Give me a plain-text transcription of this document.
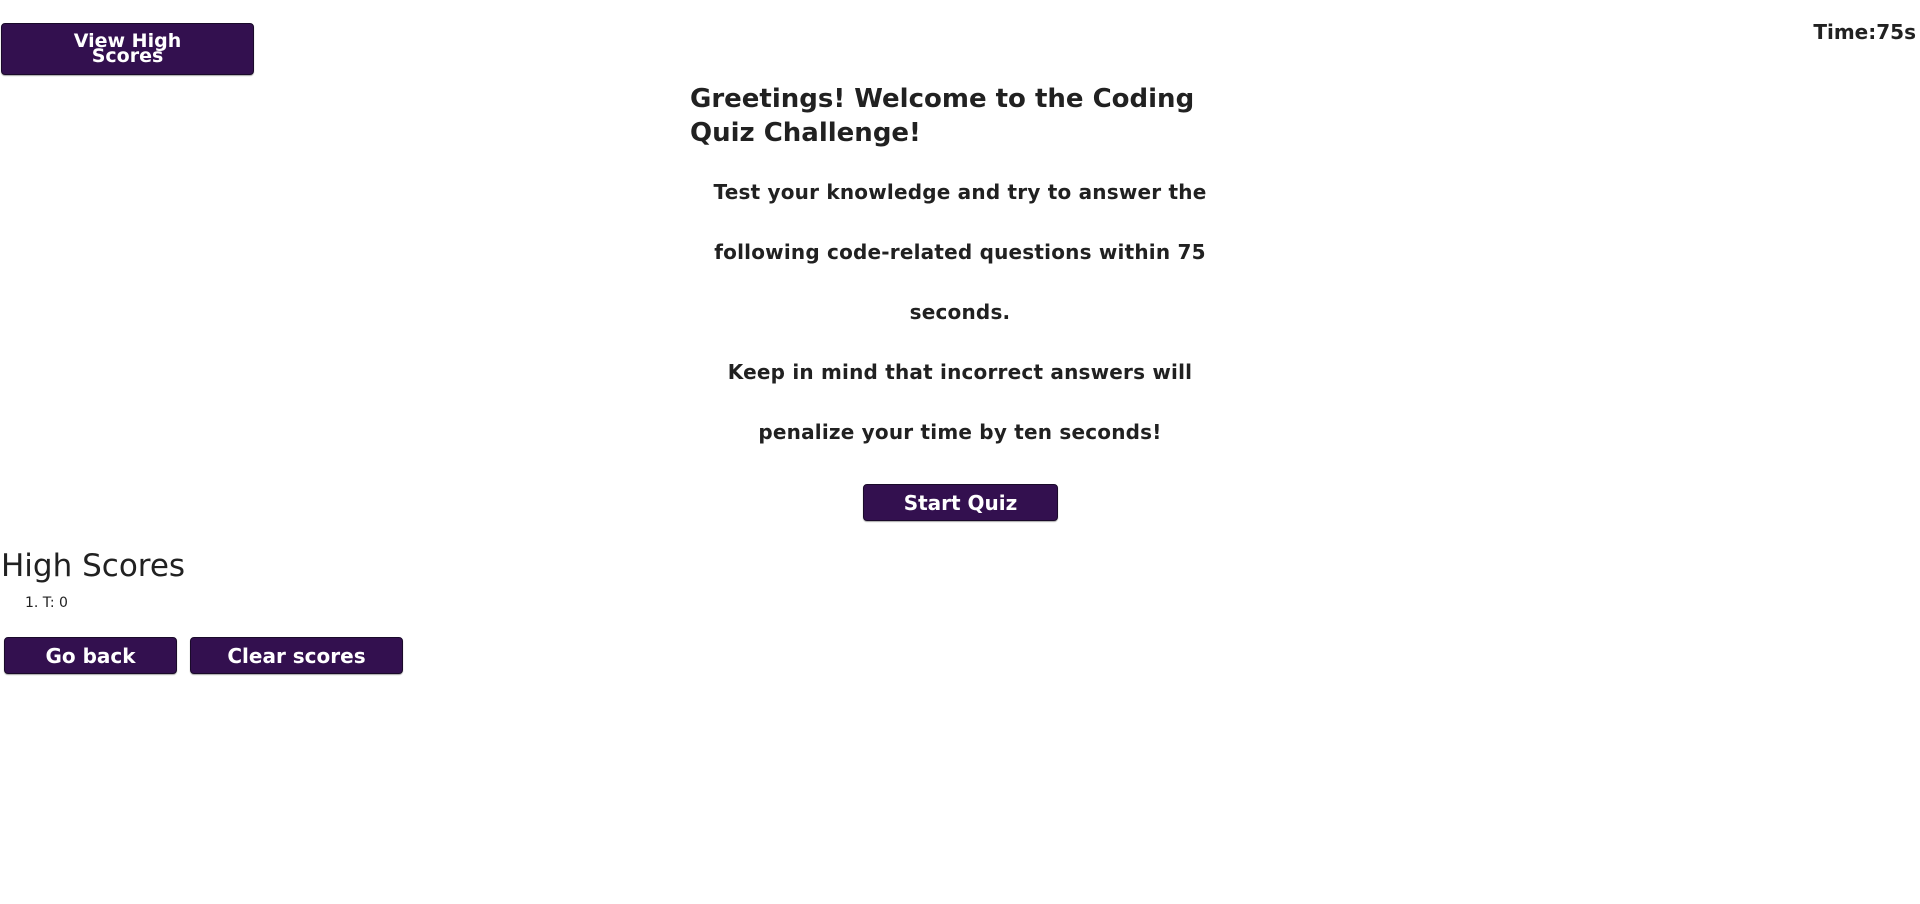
View High Scores
Time:75s
Greetings! Welcome to the Coding Quiz Challenge!

Test your knowledge and try to answer the following code-related questions within 75 seconds.

Keep in mind that incorrect answers will penalize your time by ten seconds!

Start Quiz
High Scores
1. T: 0
Go back	Clear scores
